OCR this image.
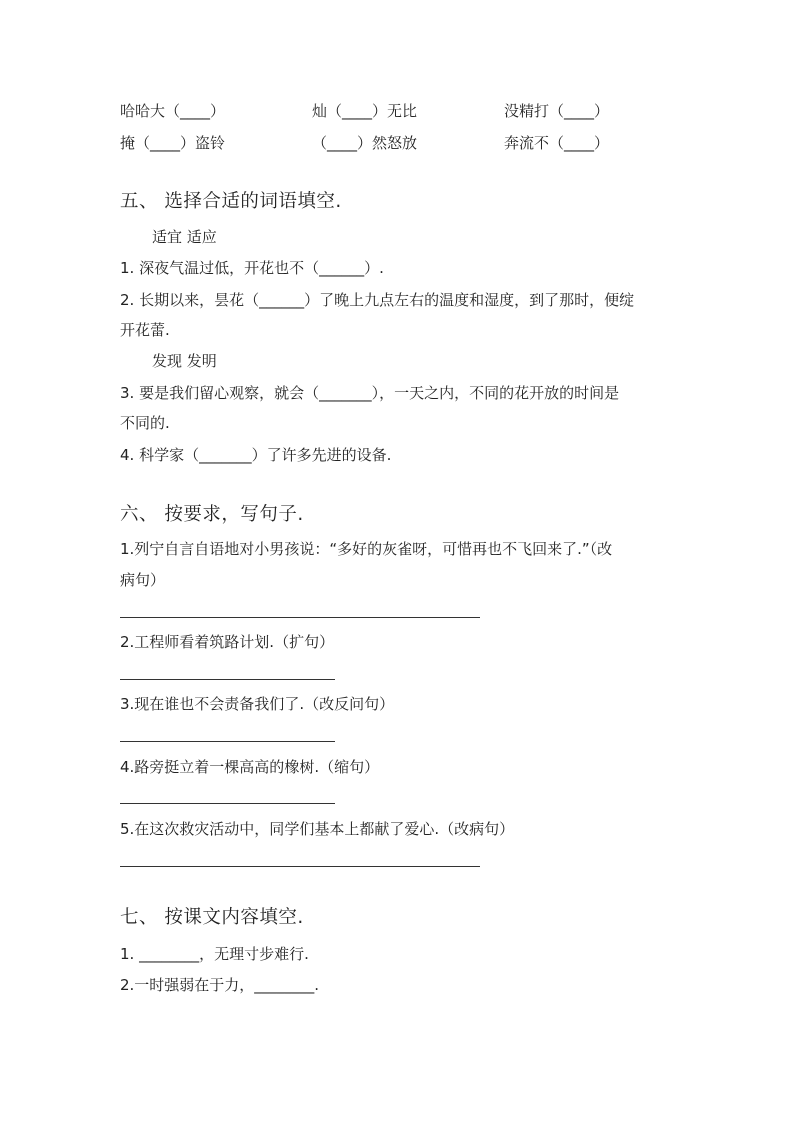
哈哈大（____）	灿（____）无比	没精打（____）
掩（____）盗铃	（____）然怒放	奔流不（____）
五、 选择合适的词语填空.
适宜 适应
1. 深夜气温过低，开花也不（______）.
2. 长期以来，昙花（______）了晚上九点左右的温度和湿度，到了那时，便绽
开花蕾.
发现 发明
3. 要是我们留心观察，就会（_______），一天之内，不同的花开放的时间是
不同的.
4. 科学家（_______）了许多先进的设备.
六、 按要求，写句子.
1.列宁自言自语地对小男孩说：“多好的灰雀呀，可惜再也不飞回来了.”（改
病句）
2.工程师看着筑路计划.（扩句）
3.现在谁也不会责备我们了.（改反问句）
4.路旁挺立着一棵高高的橡树.（缩句）
5.在这次救灾活动中，同学们基本上都献了爱心.（改病句）
七、 按课文内容填空.
1. ________，无理寸步难行.
2.一时强弱在于力，________.
